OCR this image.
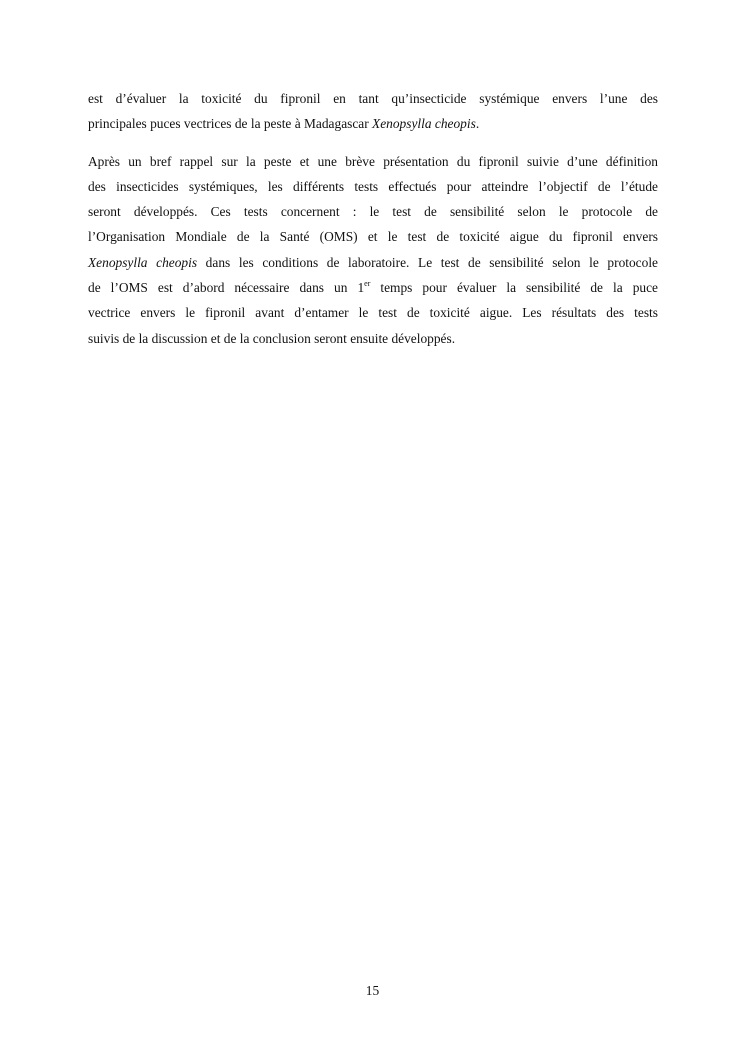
est d’évaluer la toxicité du fipronil en tant qu’insecticide systémique envers l’une des
principales puces vectrices de la peste à Madagascar Xenopsylla cheopis.

Après un bref rappel sur la peste et une brève présentation du fipronil suivie d’une définition
des insecticides systémiques, les différents tests effectués pour atteindre l’objectif de l’étude
seront développés. Ces tests concernent : le test de sensibilité selon le protocole de
l’Organisation Mondiale de la Santé (OMS) et le test de toxicité aigue du fipronil envers
Xenopsylla cheopis dans les conditions de laboratoire. Le test de sensibilité selon le protocole
de l’OMS est d’abord nécessaire dans un 1er temps pour évaluer la sensibilité de la puce
vectrice envers le fipronil avant d’entamer le test de toxicité aigue. Les résultats des tests
suivis de la discussion et de la conclusion seront ensuite développés.

15
